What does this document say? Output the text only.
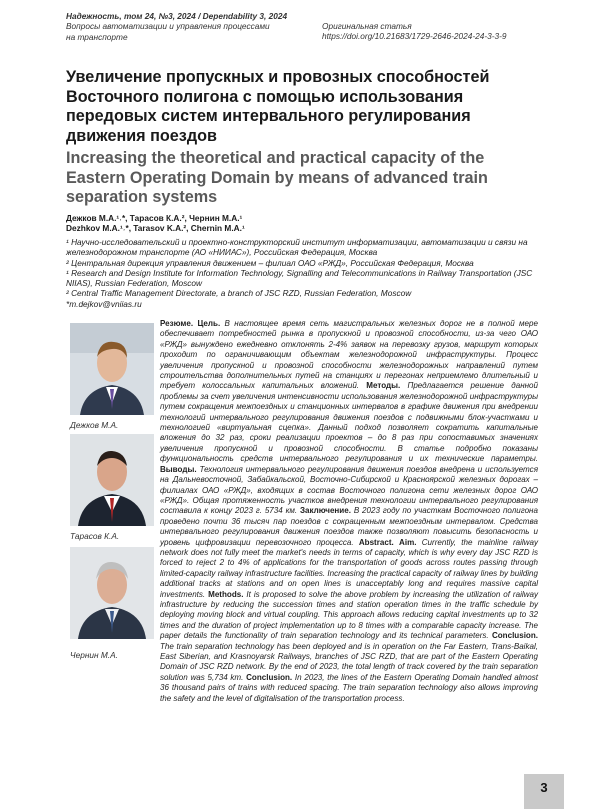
Надежность, том 24, №3, 2024 / Dependability 3, 2024
Вопросы автоматизации и управления процессами
на транспорте
Оригинальная статья
https://doi.org/10.21683/1729-2646-2024-24-3-3-9
Увеличение пропускных и провозных способностей Восточного полигона с помощью использования передовых систем интервального регулирования движения поездов
Increasing the theoretical and practical capacity of the Eastern Operating Domain by means of advanced train separation systems
Дежков М.А.¹˒*, Тарасов К.А.², Чернин М.А.¹
Dezhkov M.A.¹˒*, Tarasov K.A.², Chernin M.A.¹

¹ Научно-исследовательский и проектно-конструкторский институт информатизации, автоматизации и связи на железнодорожном транспорте (АО «НИИАС»), Российская Федерация, Москва

² Центральная дирекция управления движением – филиал ОАО «РЖД», Российская Федерация, Москва

¹ Research and Design Institute for Information Technology, Signalling and Telecommunications in Railway Transportation (JSC NIIAS), Russian Federation, Moscow

² Central Traffic Management Directorate, a branch of JSC RZD, Russian Federation, Moscow

*m.dejkov@vniias.ru

Дежков М.А.
Тарасов К.А.
Чернин М.А.

Резюме. Цель. В настоящее время сеть магистральных железных дорог не в полной мере обеспечивает потребностей рынка в пропускной и провозной способности, из-за чего ОАО «РЖД» вынуждено ежедневно отклонять 2-4% заявок на перевозку грузов, маршрут которых проходит по ограничивающим объектам железнодорожной инфраструктуры. Процесс увеличения пропускной и провозной способности железнодорожных направлений путем строительства дополнительных путей на станциях и перегонах неприемлемо длительный и требует колоссальных капитальных вложений. Методы. Предлагается решение данной проблемы за счет увеличения интенсивности использования железнодорожной инфраструктуры путем сокращения межпоездных и станционных интервалов в графике движения при внедрении технологий интервального регулирования движения поездов с подвижными блок-участками и технологией «виртуальная сцепка». Данный подход позволяет сократить капитальные вложения до 32 раз, сроки реализации проектов – до 8 раз при сопоставимых значениях увеличения пропускной и провозной способности. В статье подробно показаны функциональность средств интервального регулирования и их технические параметры. Выводы. Технология интервального регулирования движения поездов внедрена и используется на Дальневосточной, Забайкальской, Восточно-Сибирской и Красноярской железных дорогах – филиалах ОАО «РЖД», входящих в состав Восточного полигона сети железных дорог ОАО «РЖД». Общая протяженность участков внедрения технологии интервального регулирования составила к концу 2023 г. 5734 км. Заключение. В 2023 году по участкам Восточного полигона проведено почти 36 тысяч пар поездов с сокращенным межпоездным интервалом. Средства интервального регулирования движения поездов также позволяют повысить безопасность и уровень цифровизации перевозочного процесса. Abstract. Aim. Currently, the mainline railway network does not fully meet the market's needs in terms of capacity, which is why every day JSC RZD is forced to reject 2 to 4% of applications for the transportation of goods across routes passing through limited-capacity railway infrastructure facilities. Increasing the practical capacity of railway lines by building additional tracks at stations and on open lines is unacceptably long and requires massive capital investments. Methods. It is proposed to solve the above problem by increasing the utilization of railway infrastructure by reducing the succession times and station operation times in the traffic schedule by deploying moving block and virtual coupling. This approach allows reducing capital investments up to 32 times and the duration of project implementation up to 8 times with a comparable capacity increase. The paper details the functionality of train separation technology and its technical parameters. Conclusion. The train separation technology has been deployed and is in operation on the Far Eastern, Trans-Baikal, East Siberian, and Krasnoyarsk Railways, branches of JSC RZD, that are part of the Eastern Operating Domain of JSC RZD network. By the end of 2023, the total length of track covered by the train separation solution was 5,734 km. Conclusion. In 2023, the lines of the Eastern Operating Domain handled almost 36 thousand pairs of trains with reduced spacing. The train separation technology also allows improving the safety and the level of digitalisation of the transportation process.

3
